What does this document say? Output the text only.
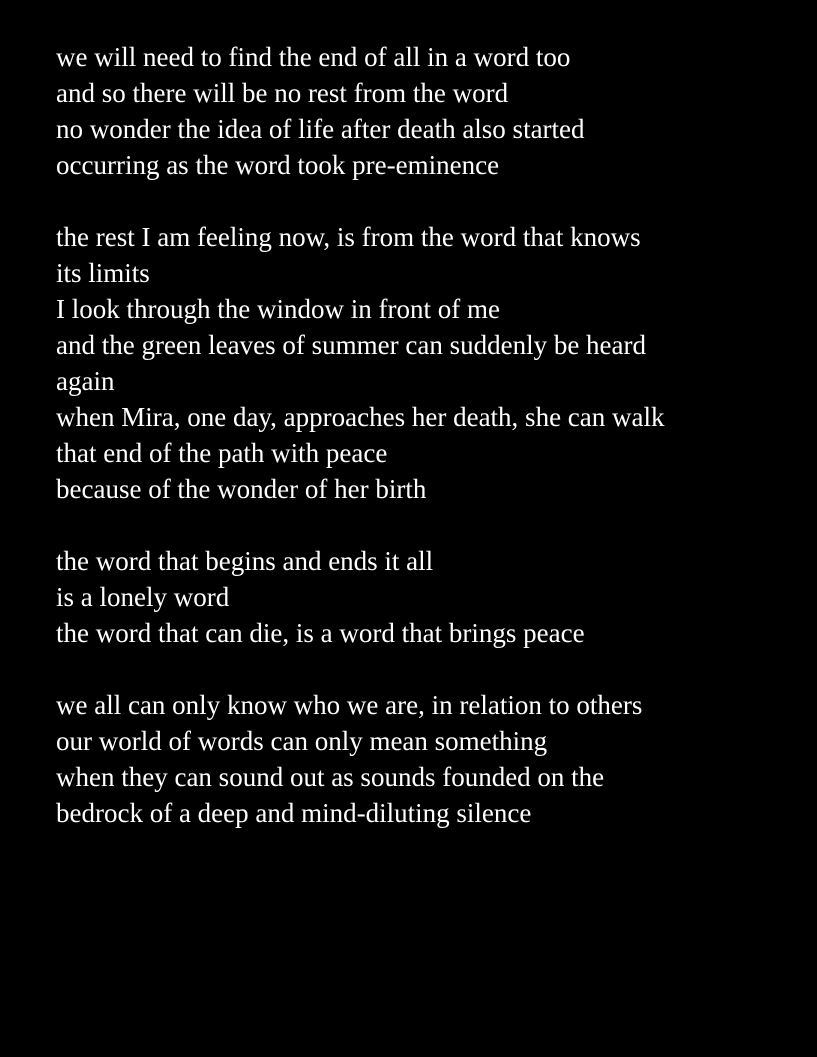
we will need to find the end of all in a word too
and so there will be no rest from the word
no wonder the idea of life after death also started
occurring as the word took pre-eminence
the rest I am feeling now, is from the word that knows
its limits
I look through the window in front of me
and the green leaves of summer can suddenly be heard
again
when Mira, one day, approaches her death, she can walk
that end of the path with peace
because of the wonder of her birth
the word that begins and ends it all
is a lonely word
the word that can die, is a word that brings peace
we all can only know who we are, in relation to others
our world of words can only mean something
when they can sound out as sounds founded on the
bedrock of a deep and mind-diluting silence
